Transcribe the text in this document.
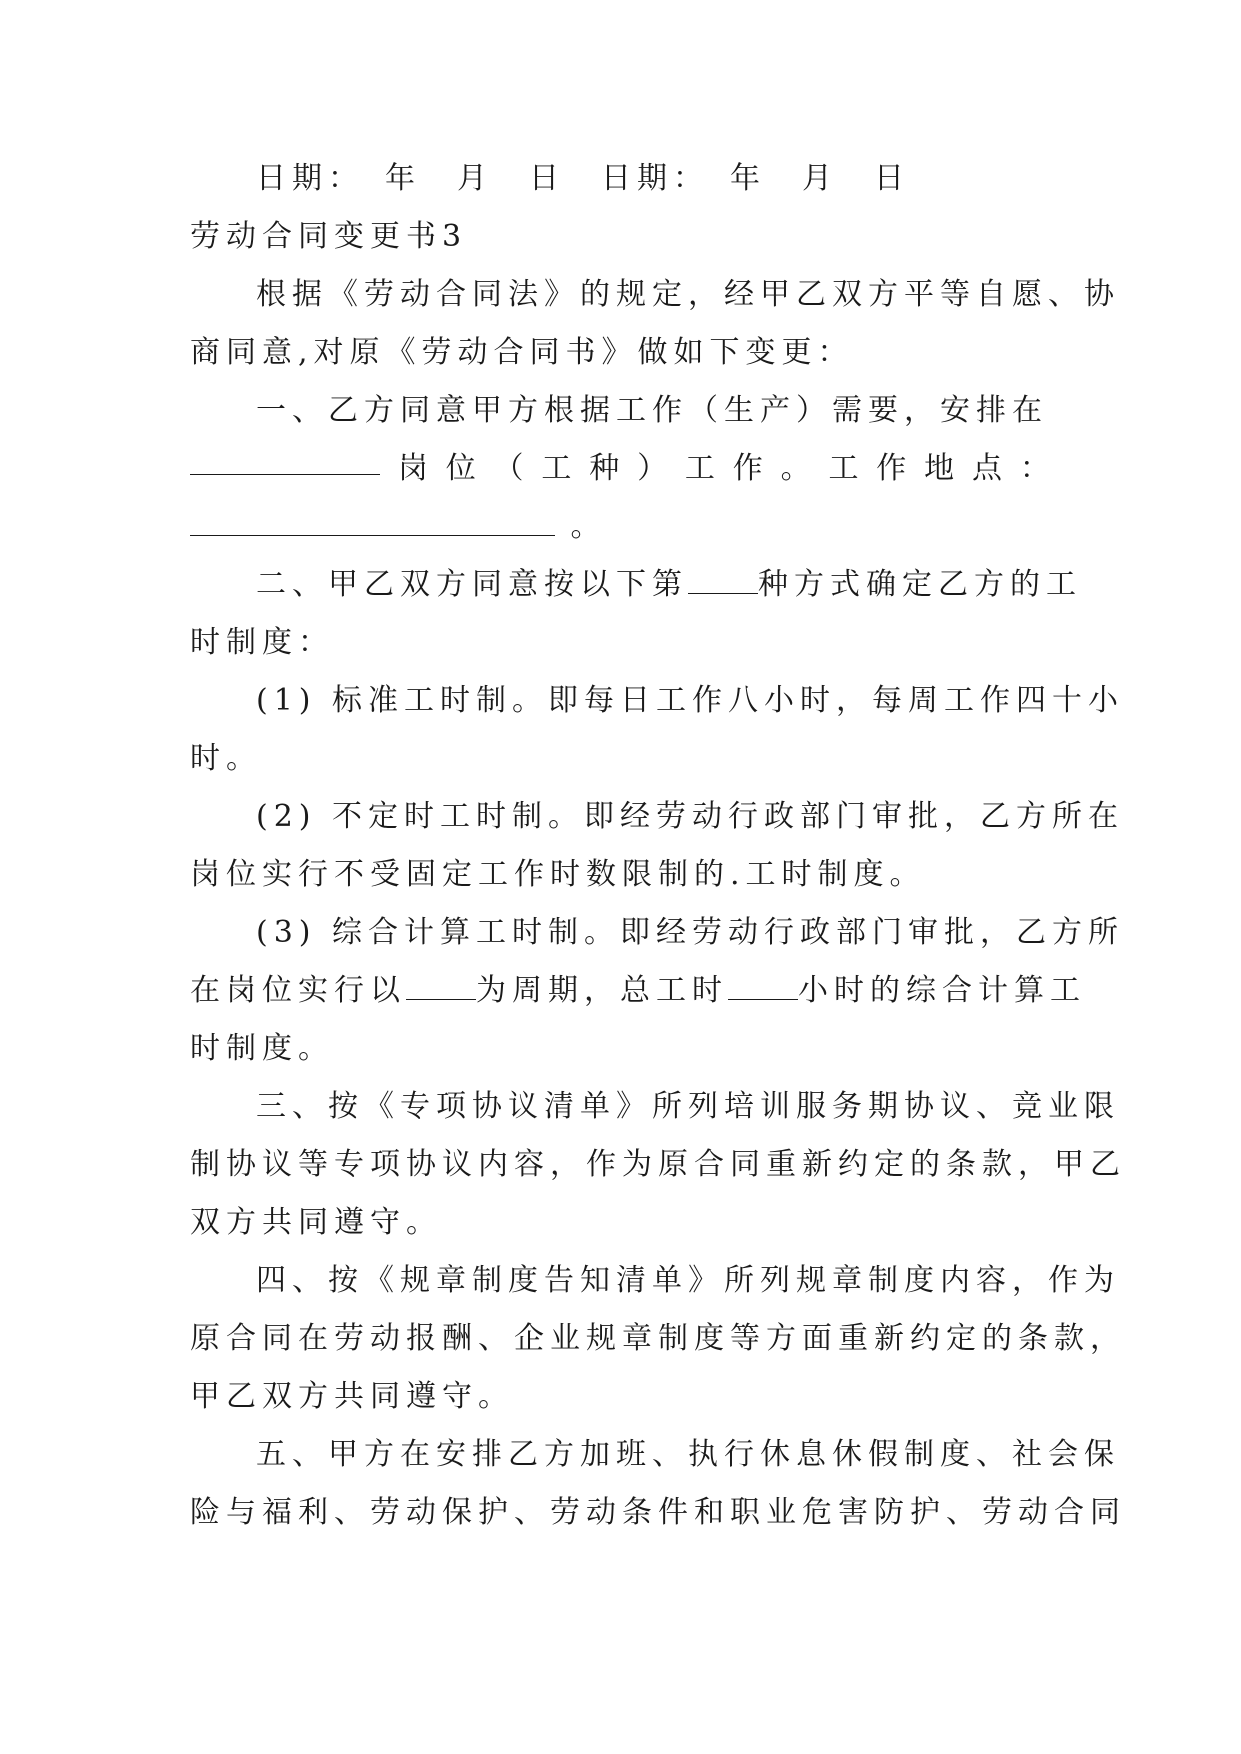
日期：　年　月　日　日期：　年　月　日

劳动合同变更书3

根据《劳动合同法》的规定，经甲乙双方平等自愿、协

商同意,对原《劳动合同书》做如下变更：

一、乙方同意甲方根据工作（生产）需要，安排在

岗 位 （ 工 种 ） 工 作 。 工 作 地 点 ：

。

二、甲乙双方同意按以下第 种方式确定乙方的工

时制度：

(1) 标准工时制。即每日工作八小时，每周工作四十小

时。

(2) 不定时工时制。即经劳动行政部门审批，乙方所在

岗位实行不受固定工作时数限制的.工时制度。

(3) 综合计算工时制。即经劳动行政部门审批，乙方所

在岗位实行以 为周期，总工时 小时的综合计算工

时制度。

三、按《专项协议清单》所列培训服务期协议、竞业限

制协议等专项协议内容，作为原合同重新约定的条款，甲乙

双方共同遵守。

四、按《规章制度告知清单》所列规章制度内容，作为

原合同在劳动报酬、企业规章制度等方面重新约定的条款，

甲乙双方共同遵守。

五、甲方在安排乙方加班、执行休息休假制度、社会保

险与福利、劳动保护、劳动条件和职业危害防护、劳动合同
